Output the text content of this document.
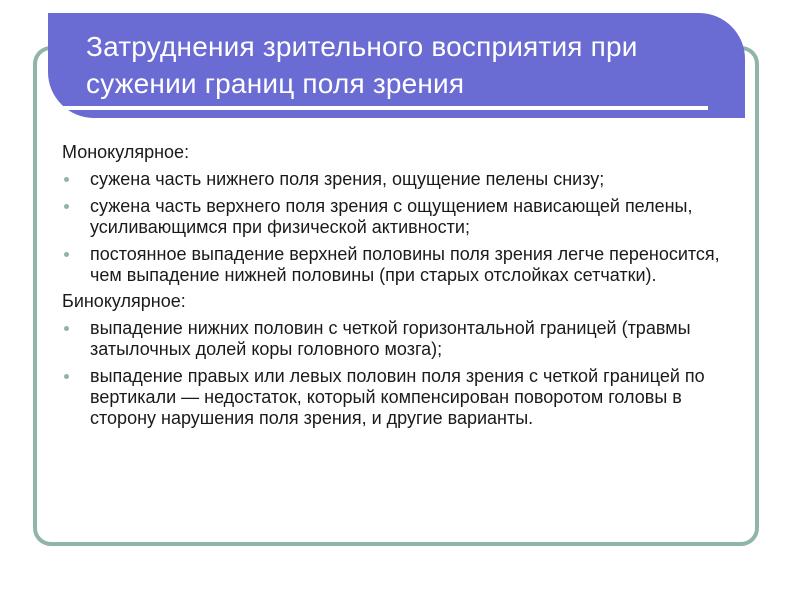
Затруднения зрительного восприятия при
сужении границ поля зрения
Монокулярное:
сужена часть нижнего поля зрения, ощущение пелены снизу;
сужена часть верхнего поля зрения с ощущением нависающей пелены, усиливающимся при физической активности;
постоянное выпадение верхней половины поля зрения легче переносится, чем выпадение нижней половины (при старых отслойках сетчатки).
Бинокулярное:
выпадение нижних половин с четкой горизонтальной границей (травмы затылочных долей коры головного мозга);
выпадение правых или левых половин поля зрения с четкой границей по вертикали — недостаток, который компенсирован поворотом головы в сторону нарушения поля зрения, и другие варианты.
